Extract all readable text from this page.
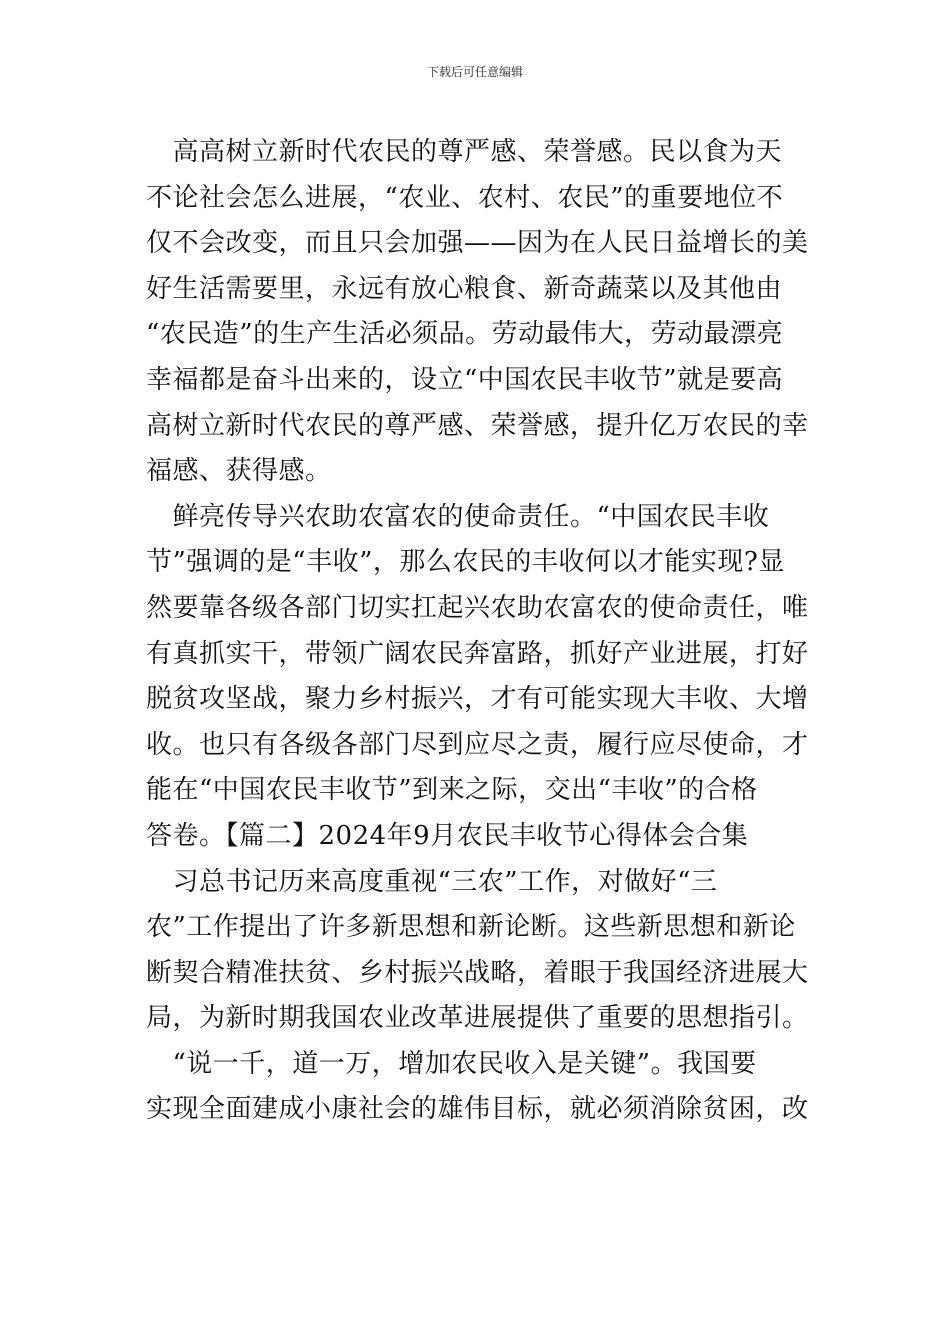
下载后可任意编辑
　高高树立新时代农民的尊严感、荣誉感。民以食为天
不论社会怎么进展，“农业、农村、农民”的重要地位不
仅不会改变，而且只会加强——因为在人民日益增长的美
好生活需要里，永远有放心粮食、新奇蔬菜以及其他由
“农民造”的生产生活必须品。劳动最伟大，劳动最漂亮
幸福都是奋斗出来的，设立“中国农民丰收节”就是要高
高树立新时代农民的尊严感、荣誉感，提升亿万农民的幸
福感、获得感。
　鲜亮传导兴农助农富农的使命责任。“中国农民丰收
节”强调的是“丰收”，那么农民的丰收何以才能实现?显
然要靠各级各部门切实扛起兴农助农富农的使命责任，唯
有真抓实干，带领广阔农民奔富路，抓好产业进展，打好
脱贫攻坚战，聚力乡村振兴，才有可能实现大丰收、大增
收。也只有各级各部门尽到应尽之责，履行应尽使命，才
能在“中国农民丰收节”到来之际，交出“丰收”的合格
答卷。【篇二】2024年9月农民丰收节心得体会合集
　习总书记历来高度重视“三农”工作，对做好“三
农”工作提出了许多新思想和新论断。这些新思想和新论
断契合精准扶贫、乡村振兴战略，着眼于我国经济进展大
局，为新时期我国农业改革进展提供了重要的思想指引。
　“说一千，道一万，增加农民收入是关键”。我国要
实现全面建成小康社会的雄伟目标，就必须消除贫困，改
